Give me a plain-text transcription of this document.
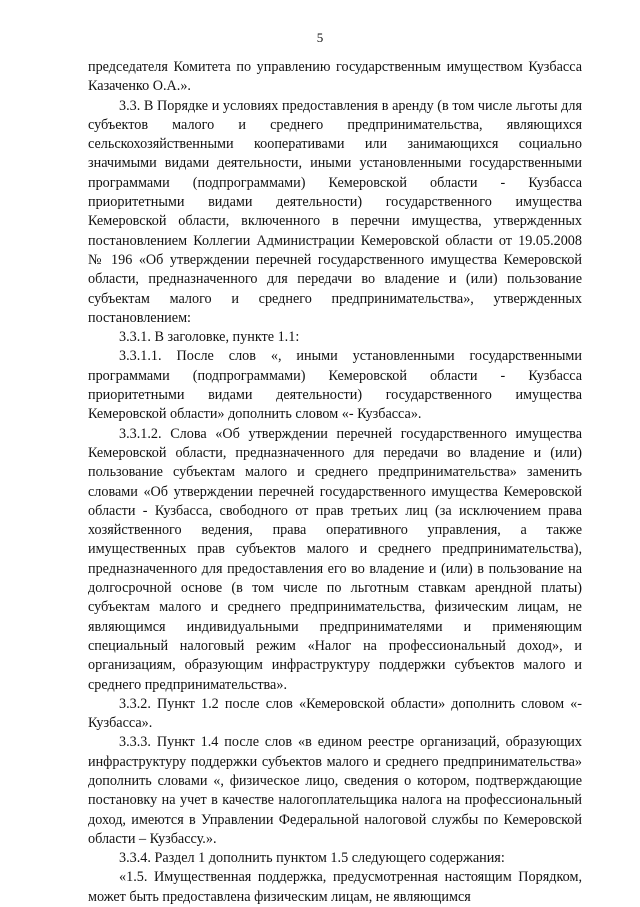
5

председателя Комитета по управлению государственным имуществом Кузбасса Казаченко О.А.».

3.3. В Порядке и условиях предоставления в аренду (в том числе льготы для субъектов малого и среднего предпринимательства, являющихся сельскохозяйственными кооперативами или занимающихся социально значимыми видами деятельности, иными установленными государственными программами (подпрограммами) Кемеровской области - Кузбасса приоритетными видами деятельности) государственного имущества Кемеровской области, включенного в перечни имущества, утвержденных постановлением Коллегии Администрации Кемеровской области от 19.05.2008 № 196 «Об утверждении перечней государственного имущества Кемеровской области, предназначенного для передачи во владение и (или) пользование субъектам малого и среднего предпринимательства», утвержденных постановлением:

3.3.1. В заголовке, пункте 1.1:

3.3.1.1. После слов «, иными установленными государственными программами (подпрограммами) Кемеровской области - Кузбасса приоритетными видами деятельности) государственного имущества Кемеровской области» дополнить словом «- Кузбасса».

3.3.1.2. Слова «Об утверждении перечней государственного имущества Кемеровской области, предназначенного для передачи во владение и (или) пользование субъектам малого и среднего предпринимательства» заменить словами «Об утверждении перечней государственного имущества Кемеровской области - Кузбасса, свободного от прав третьих лиц (за исключением права хозяйственного ведения, права оперативного управления, а также имущественных прав субъектов малого и среднего предпринимательства), предназначенного для предоставления его во владение и (или) в пользование на долгосрочной основе (в том числе по льготным ставкам арендной платы) субъектам малого и среднего предпринимательства, физическим лицам, не являющимся индивидуальными предпринимателями и применяющим специальный налоговый режим «Налог на профессиональный доход», и организациям, образующим инфраструктуру поддержки субъектов малого и среднего предпринимательства».

3.3.2. Пункт 1.2 после слов «Кемеровской области» дополнить словом «- Кузбасса».

3.3.3. Пункт 1.4 после слов «в едином реестре организаций, образующих инфраструктуру поддержки субъектов малого и среднего предпринимательства» дополнить словами «, физическое лицо, сведения о котором, подтверждающие постановку на учет в качестве налогоплательщика налога на профессиональный доход, имеются в Управлении Федеральной налоговой службы по Кемеровской области – Кузбассу.».

3.3.4. Раздел 1 дополнить пунктом 1.5 следующего содержания:

«1.5. Имущественная поддержка, предусмотренная настоящим Порядком, может быть предоставлена физическим лицам, не являющимся
